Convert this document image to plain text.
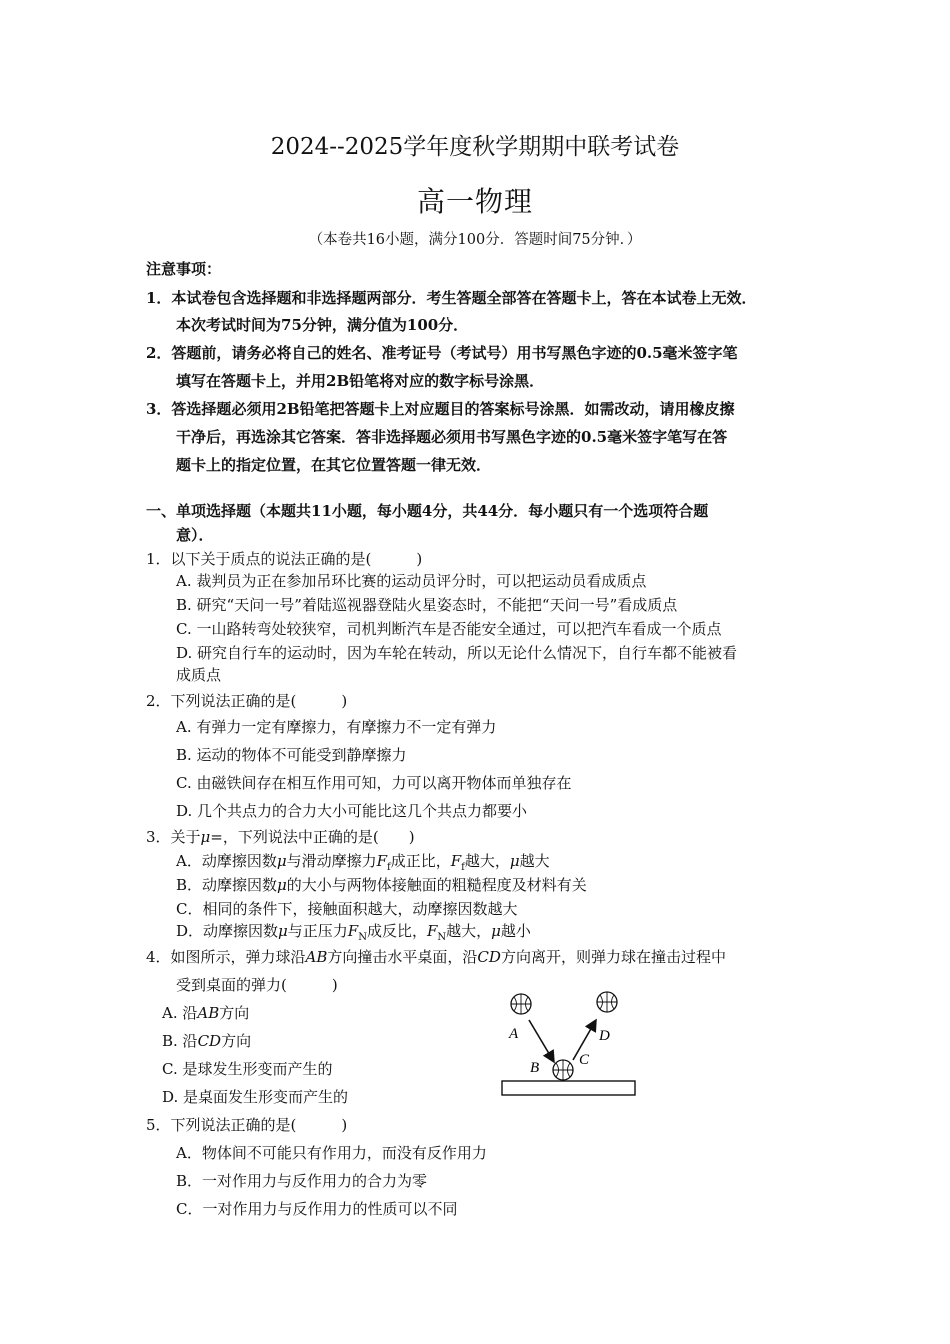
2024--2025学年度秋学期期中联考试卷
高一物理
（本卷共16小题，满分100分．答题时间75分钟．）
注意事项：
1．本试卷包含选择题和非选择题两部分．考生答题全部答在答题卡上，答在本试卷上无效．
本次考试时间为75分钟，满分值为100分．
2．答题前，请务必将自己的姓名、准考证号（考试号）用书写黑色字迹的0.5毫米签字笔
填写在答题卡上，并用2B铅笔将对应的数字标号涂黑．
3．答选择题必须用2B铅笔把答题卡上对应题目的答案标号涂黑．如需改动，请用橡皮擦
干净后，再选涂其它答案．答非选择题必须用书写黑色字迹的0.5毫米签字笔写在答
题卡上的指定位置，在其它位置答题一律无效．
一、单项选择题（本题共11小题，每小题4分，共44分．每小题只有一个选项符合题
意）．
1．以下关于质点的说法正确的是(　　　)
A. 裁判员为正在参加吊环比赛的运动员评分时，可以把运动员看成质点
B. 研究“天问一号”着陆巡视器登陆火星姿态时，不能把“天问一号”看成质点
C. 一山路转弯处较狭窄，司机判断汽车是否能安全通过，可以把汽车看成一个质点
D. 研究自行车的运动时，因为车轮在转动，所以无论什么情况下，自行车都不能被看
成质点
2．下列说法正确的是(　　　)
A. 有弹力一定有摩擦力，有摩擦力不一定有弹力
B. 运动的物体不可能受到静摩擦力
C. 由磁铁间存在相互作用可知，力可以离开物体而单独存在
D. 几个共点力的合力大小可能比这几个共点力都要小
3．关于μ=，下列说法中正确的是(　　)
A．动摩擦因数μ与滑动摩擦力$F_f$成正比，$F_f$越大，μ越大
B．动摩擦因数μ的大小与两物体接触面的粗糙程度及材料有关
C．相同的条件下，接触面积越大，动摩擦因数越大
D．动摩擦因数μ与正压力$F_N$成反比，$F_N$越大，μ越小
4．如图所示，弹力球沿AB方向撞击水平桌面，沿CD方向离开，则弹力球在撞击过程中
受到桌面的弹力(　　　)
A. 沿AB方向
B. 沿CD方向
C. 是球发生形变而产生的
D. 是桌面发生形变而产生的
A
B	C
D
5．下列说法正确的是(　　　)
A．物体间不可能只有作用力，而没有反作用力
B．一对作用力与反作用力的合力为零
C．一对作用力与反作用力的性质可以不同
